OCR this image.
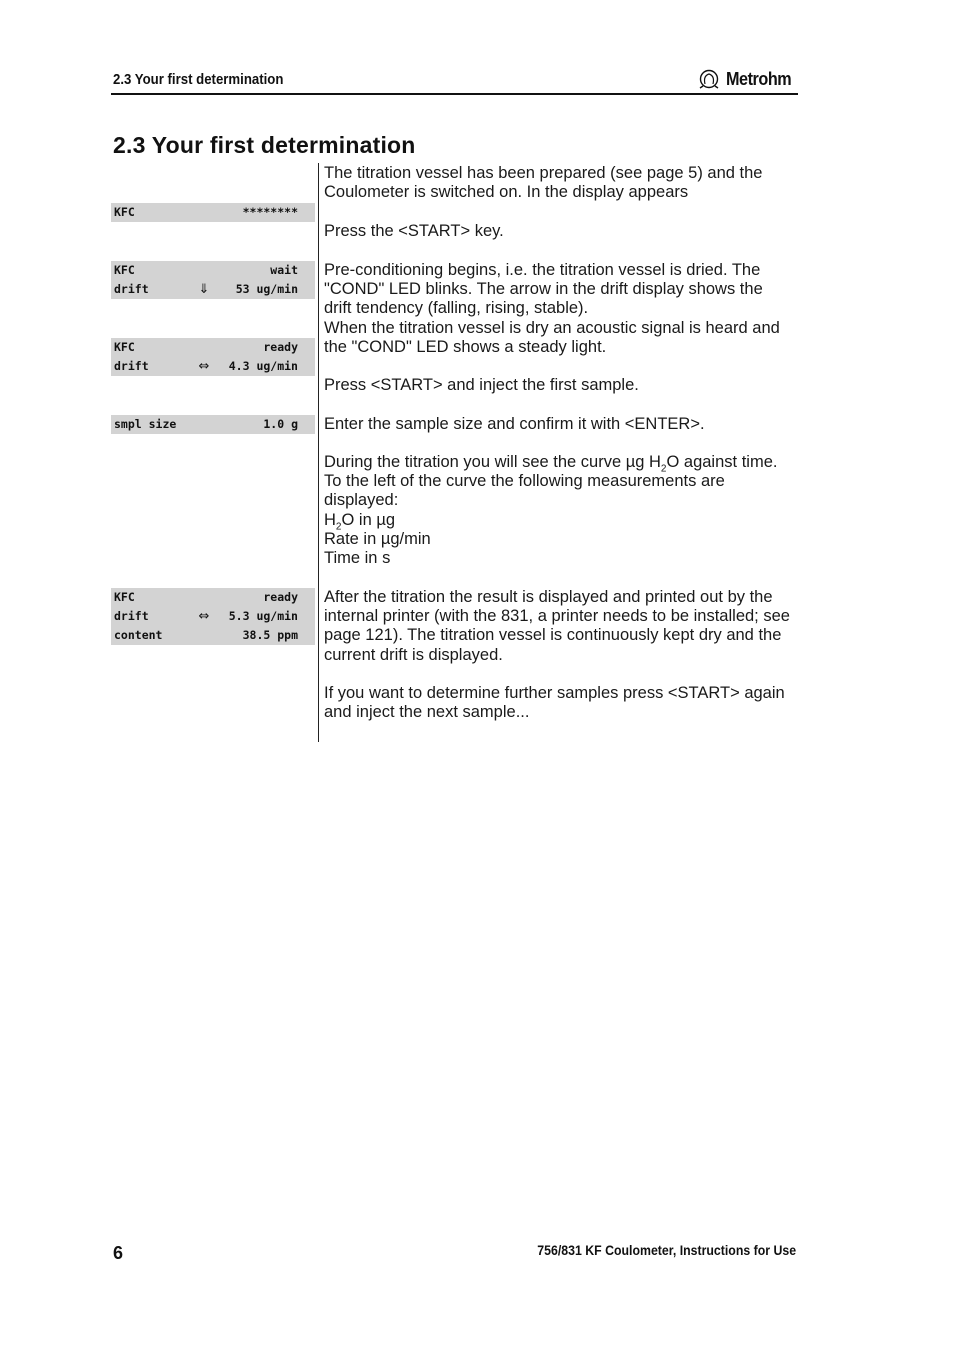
2.3 Your first determination	Metrohm
2.3 Your first determination
KFC	********
KFC	wait
drift	⇓	53 ug/min
KFC	ready
drift	⇔	4.3 ug/min
smpl size	1.0 g
KFC	ready
drift	⇔	5.3 ug/min
content	38.5 ppm

The titration vessel has been prepared (see page 5) and the Coulometer is switched on. In the display appears

Press the <START> key.

Pre-conditioning begins, i.e. the titration vessel is dried. The "COND" LED blinks. The arrow in the drift display shows the drift tendency (falling, rising, stable).

When the titration vessel is dry an acoustic signal is heard and the "COND" LED shows a steady light.

Press <START> and inject the first sample.

Enter the sample size and confirm it with <ENTER>.

During the titration you will see the curve µg $H_2O$ against time. To the left of the curve the following measurements are displayed:

$H_2O$ in µg

Rate in µg/min

Time in s

After the titration the result is displayed and printed out by the internal printer (with the 831, a printer needs to be installed; see page 121). The titration vessel is continuously kept dry and the current drift is displayed.

If you want to determine further samples press <START> again and inject the next sample...

6	756/831 KF Coulometer, Instructions for Use
